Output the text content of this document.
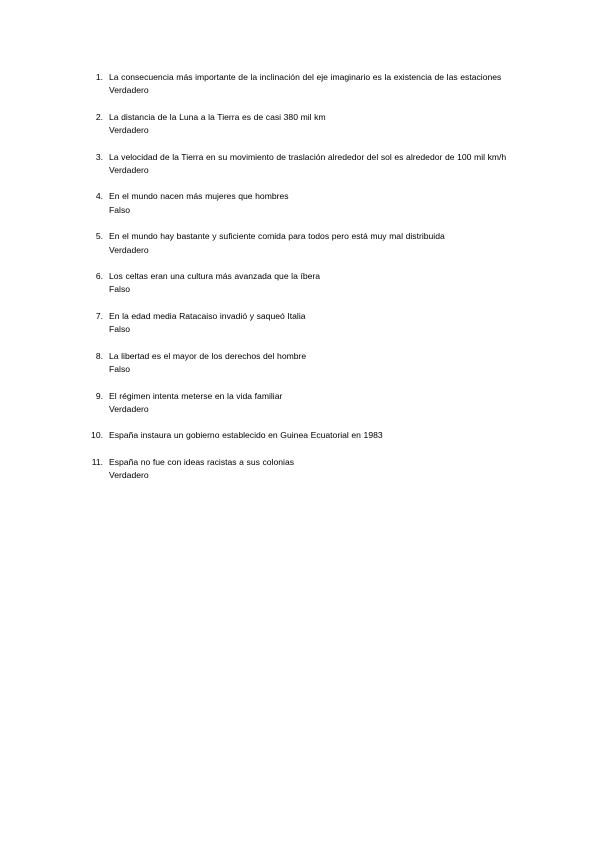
1. La consecuencia más importante de la inclinación del eje imaginario es la existencia de las estaciones
Verdadero
2. La distancia de la Luna a la Tierra es de casi 380 mil km
Verdadero
3. La velocidad de la Tierra en su movimiento de traslación alrededor del sol es alrededor de 100 mil km/h
Verdadero
4. En el mundo nacen más mujeres que hombres
Falso
5. En el mundo hay bastante y suficiente comida para todos pero está muy mal distribuida
Verdadero
6. Los celtas eran una cultura más avanzada que la íbera
Falso
7. En la edad media Ratacaiso invadió y saqueó Italia
Falso
8. La libertad es el mayor de los derechos del hombre
Falso
9. El régimen intenta meterse en la vida familiar
Verdadero
10. España instaura un gobierno establecido en Guinea Ecuatorial en 1983
11. España no fue con ideas racistas a sus colonias
Verdadero
